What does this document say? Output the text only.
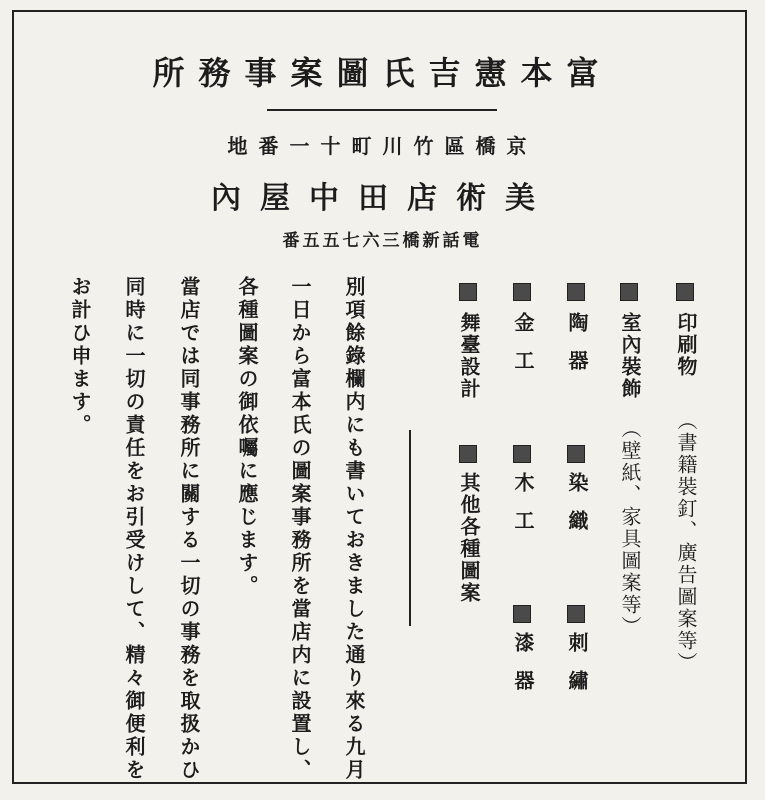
所務事案圖氏吉憲本富
地番一十町川竹區橋京
內屋中田店術美
番五五七六三橋新話電
印刷物
（書籍裝釘、廣告圖案等）
室內裝飾
（壁紙、家具圖案等）
陶器
染織
刺繡
金工
木工
漆器
舞臺設計
其他各種圖案
別項餘錄欄内にも書いておきました通り來る九月
一日から富本氏の圖案事務所を當店内に設置し、
各種圖案の御依囑に應じます。
當店では同事務所に關する一切の事務を取扱かひ
同時に一切の責任をお引受けして、精々御便利を
お計ひ申ます。
